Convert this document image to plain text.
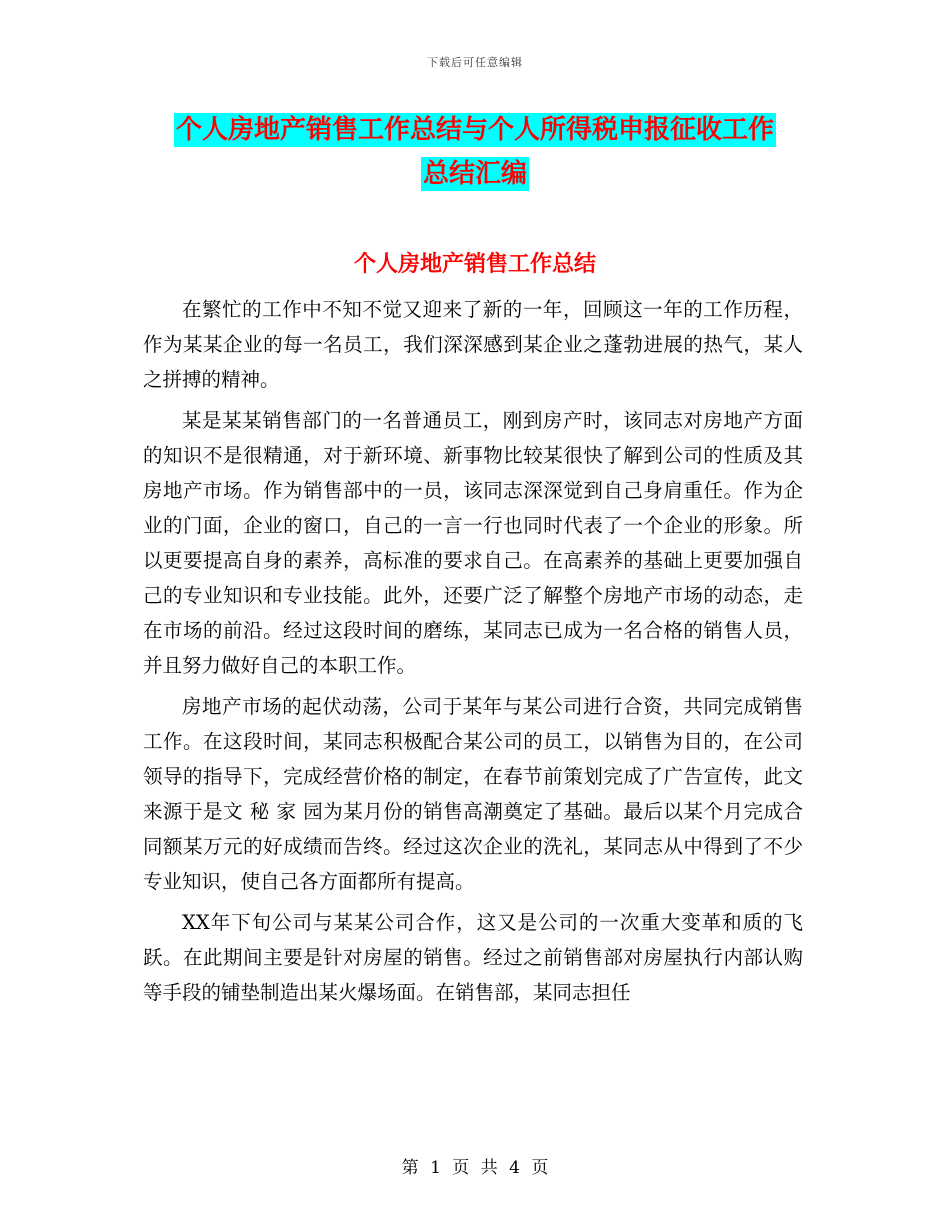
下载后可任意编辑
个人房地产销售工作总结与个人所得税申报征收工作
总结汇编
个人房地产销售工作总结

在繁忙的工作中不知不觉又迎来了新的一年，回顾这一年的工作历程，作为某某企业的每一名员工，我们深深感到某企业之蓬勃进展的热气，某人之拼搏的精神。

某是某某销售部门的一名普通员工，刚到房产时，该同志对房地产方面的知识不是很精通，对于新环境、新事物比较某很快了解到公司的性质及其房地产市场。作为销售部中的一员，该同志深深觉到自己身肩重任。作为企业的门面，企业的窗口，自己的一言一行也同时代表了一个企业的形象。所以更要提高自身的素养，高标准的要求自己。在高素养的基础上更要加强自己的专业知识和专业技能。此外，还要广泛了解整个房地产市场的动态，走在市场的前沿。经过这段时间的磨练，某同志已成为一名合格的销售人员，并且努力做好自己的本职工作。

房地产市场的起伏动荡，公司于某年与某公司进行合资，共同完成销售工作。在这段时间，某同志积极配合某公司的员工，以销售为目的，在公司领导的指导下，完成经营价格的制定，在春节前策划完成了广告宣传，此文来源于是文 秘 家 园为某月份的销售高潮奠定了基础。最后以某个月完成合同额某万元的好成绩而告终。经过这次企业的洗礼，某同志从中得到了不少专业知识，使自己各方面都所有提高。

XX年下旬公司与某某公司合作，这又是公司的一次重大变革和质的飞跃。在此期间主要是针对房屋的销售。经过之前销售部对房屋执行内部认购等手段的铺垫制造出某火爆场面。在销售部，某同志担任

第 1 页 共 4 页
